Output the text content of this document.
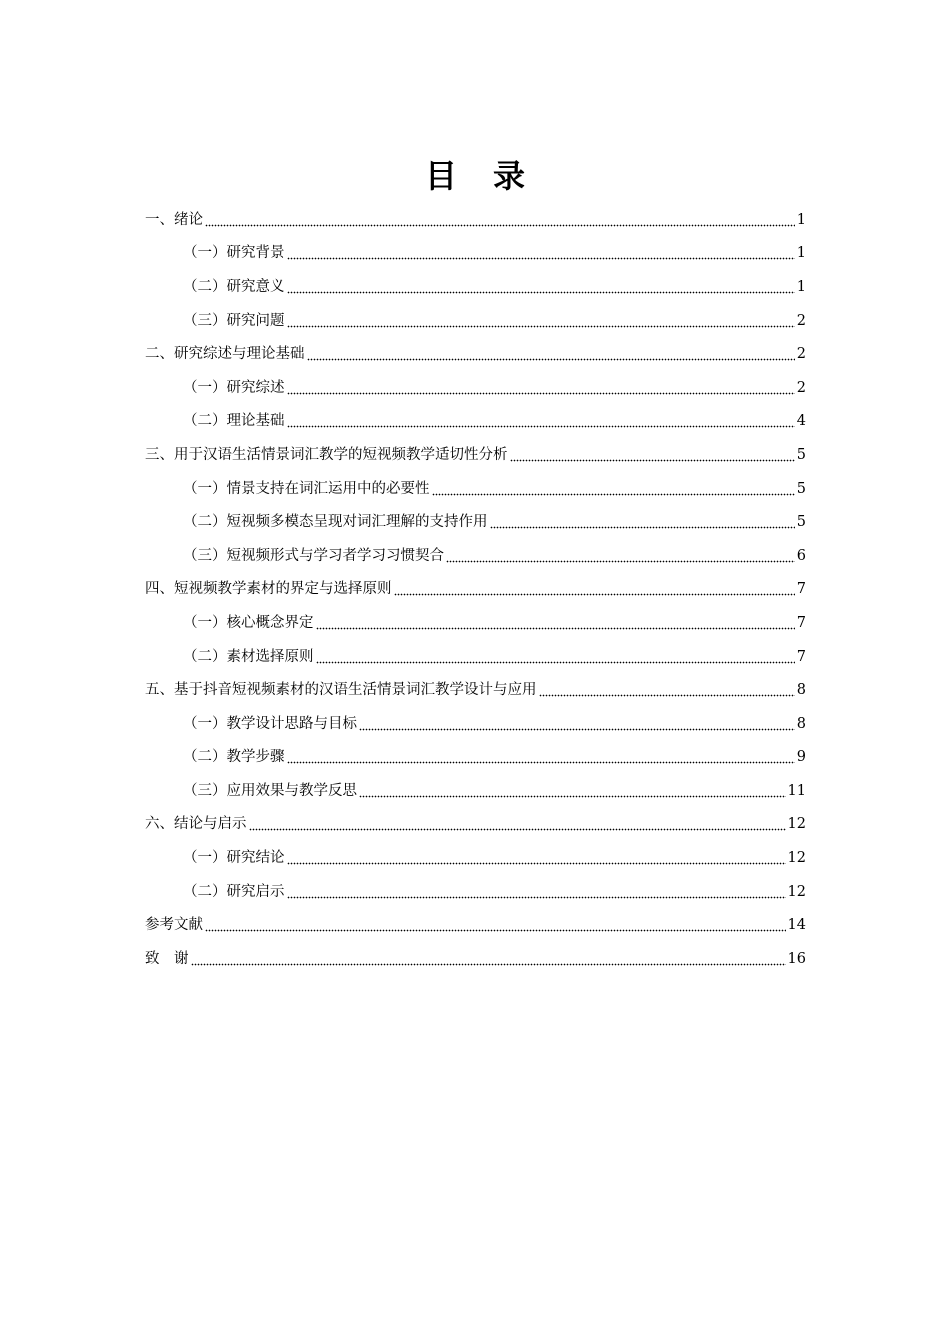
目 录
一、绪论	1
（一）研究背景	1
（二）研究意义	1
（三）研究问题	2
二、研究综述与理论基础	2
（一）研究综述	2
（二）理论基础	4
三、用于汉语生活情景词汇教学的短视频教学适切性分析	5
（一）情景支持在词汇运用中的必要性	5
（二）短视频多模态呈现对词汇理解的支持作用	5
（三）短视频形式与学习者学习习惯契合	6
四、短视频教学素材的界定与选择原则	7
（一）核心概念界定	7
（二）素材选择原则	7
五、基于抖音短视频素材的汉语生活情景词汇教学设计与应用	8
（一）教学设计思路与目标	8
（二）教学步骤	9
（三）应用效果与教学反思	11
六、结论与启示	12
（一）研究结论	12
（二）研究启示	12
参考文献	14
致　谢	16
